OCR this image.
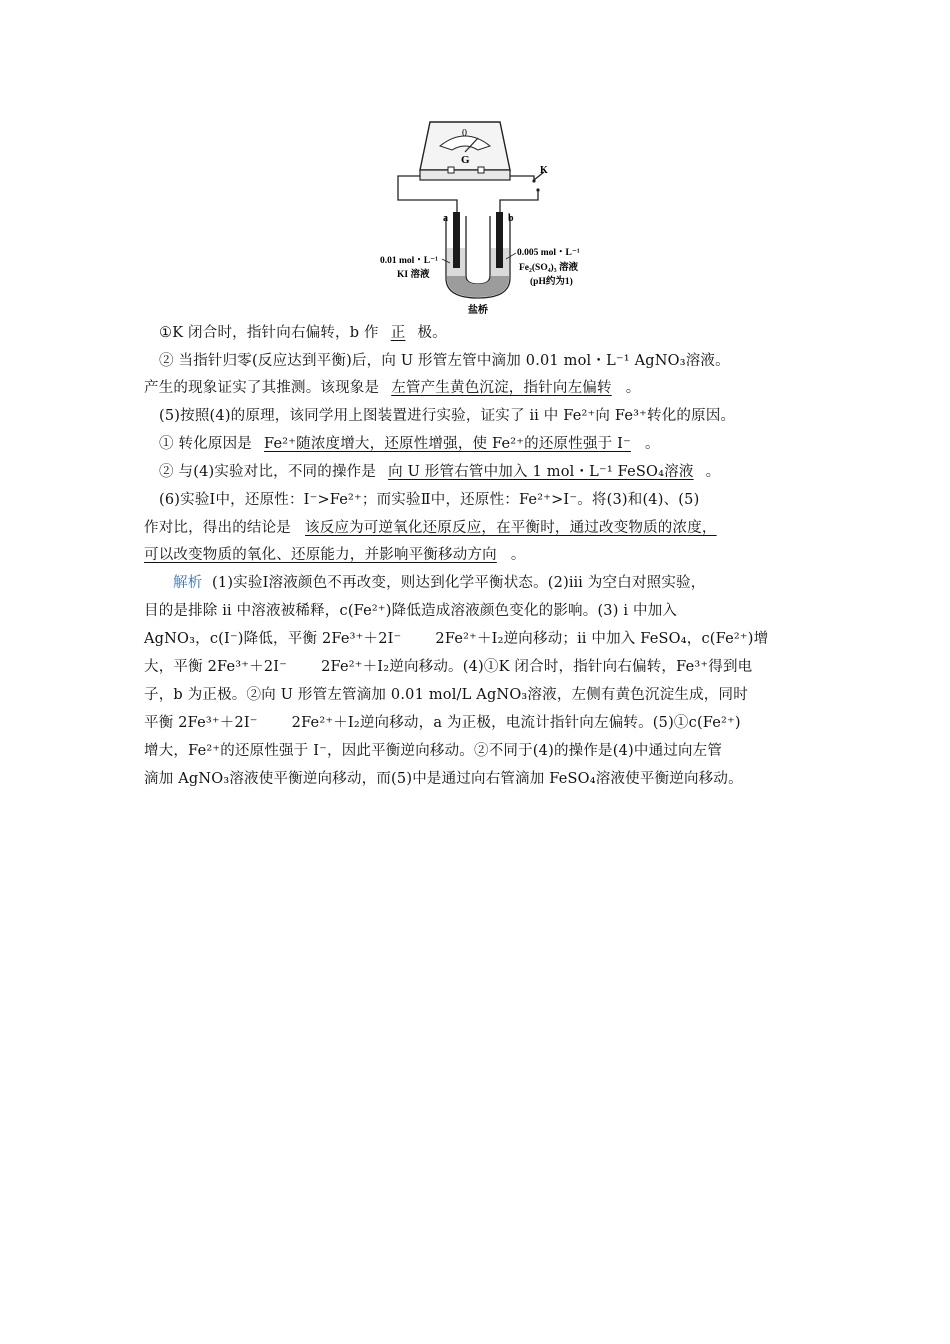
0
G
K
a	b
0.01 mol・L⁻¹
KI 溶液
0.005 mol・L⁻¹
Fe₂(SO₄)₃ 溶液
(pH约为1)
盐桥
①K 闭合时，指针向右偏转，b 作 正 极。
② 当指针归零(反应达到平衡)后，向 U 形管左管中滴加 0.01 mol・L⁻¹ AgNO₃溶液。
产生的现象证实了其推测。该现象是 左管产生黄色沉淀，指针向左偏转 。
(5)按照(4)的原理，该同学用上图装置进行实验，证实了 ⅱ 中 Fe²⁺向 Fe³⁺转化的原因。
① 转化原因是 Fe²⁺随浓度增大，还原性增强，使 Fe²⁺的还原性强于 I⁻ 。
② 与(4)实验对比，不同的操作是 向 U 形管右管中加入 1 mol・L⁻¹ FeSO₄溶液 。
(6)实验Ⅰ中，还原性：I⁻>Fe²⁺；而实验Ⅱ中，还原性：Fe²⁺>I⁻。将(3)和(4)、(5)
作对比，得出的结论是 该反应为可逆氧化还原反应，在平衡时，通过改变物质的浓度，
可以改变物质的氧化、还原能力，并影响平衡移动方向 。
解析 (1)实验Ⅰ溶液颜色不再改变，则达到化学平衡状态。(2)ⅲ 为空白对照实验，
目的是排除 ⅱ 中溶液被稀释，c(Fe²⁺)降低造成溶液颜色变化的影响。(3) ⅰ 中加入
AgNO₃，c(I⁻)降低，平衡 2Fe³⁺＋2I⁻ 2Fe²⁺＋I₂逆向移动；ⅱ 中加入 FeSO₄，c(Fe²⁺)增
大，平衡 2Fe³⁺＋2I⁻ 2Fe²⁺＋I₂逆向移动。(4)①K 闭合时，指针向右偏转，Fe³⁺得到电
子，b 为正极。②向 U 形管左管滴加 0.01 mol/L AgNO₃溶液，左侧有黄色沉淀生成，同时
平衡 2Fe³⁺＋2I⁻ 2Fe²⁺＋I₂逆向移动，a 为正极，电流计指针向左偏转。(5)①c(Fe²⁺)
增大，Fe²⁺的还原性强于 I⁻，因此平衡逆向移动。②不同于(4)的操作是(4)中通过向左管
滴加 AgNO₃溶液使平衡逆向移动，而(5)中是通过向右管滴加 FeSO₄溶液使平衡逆向移动。
